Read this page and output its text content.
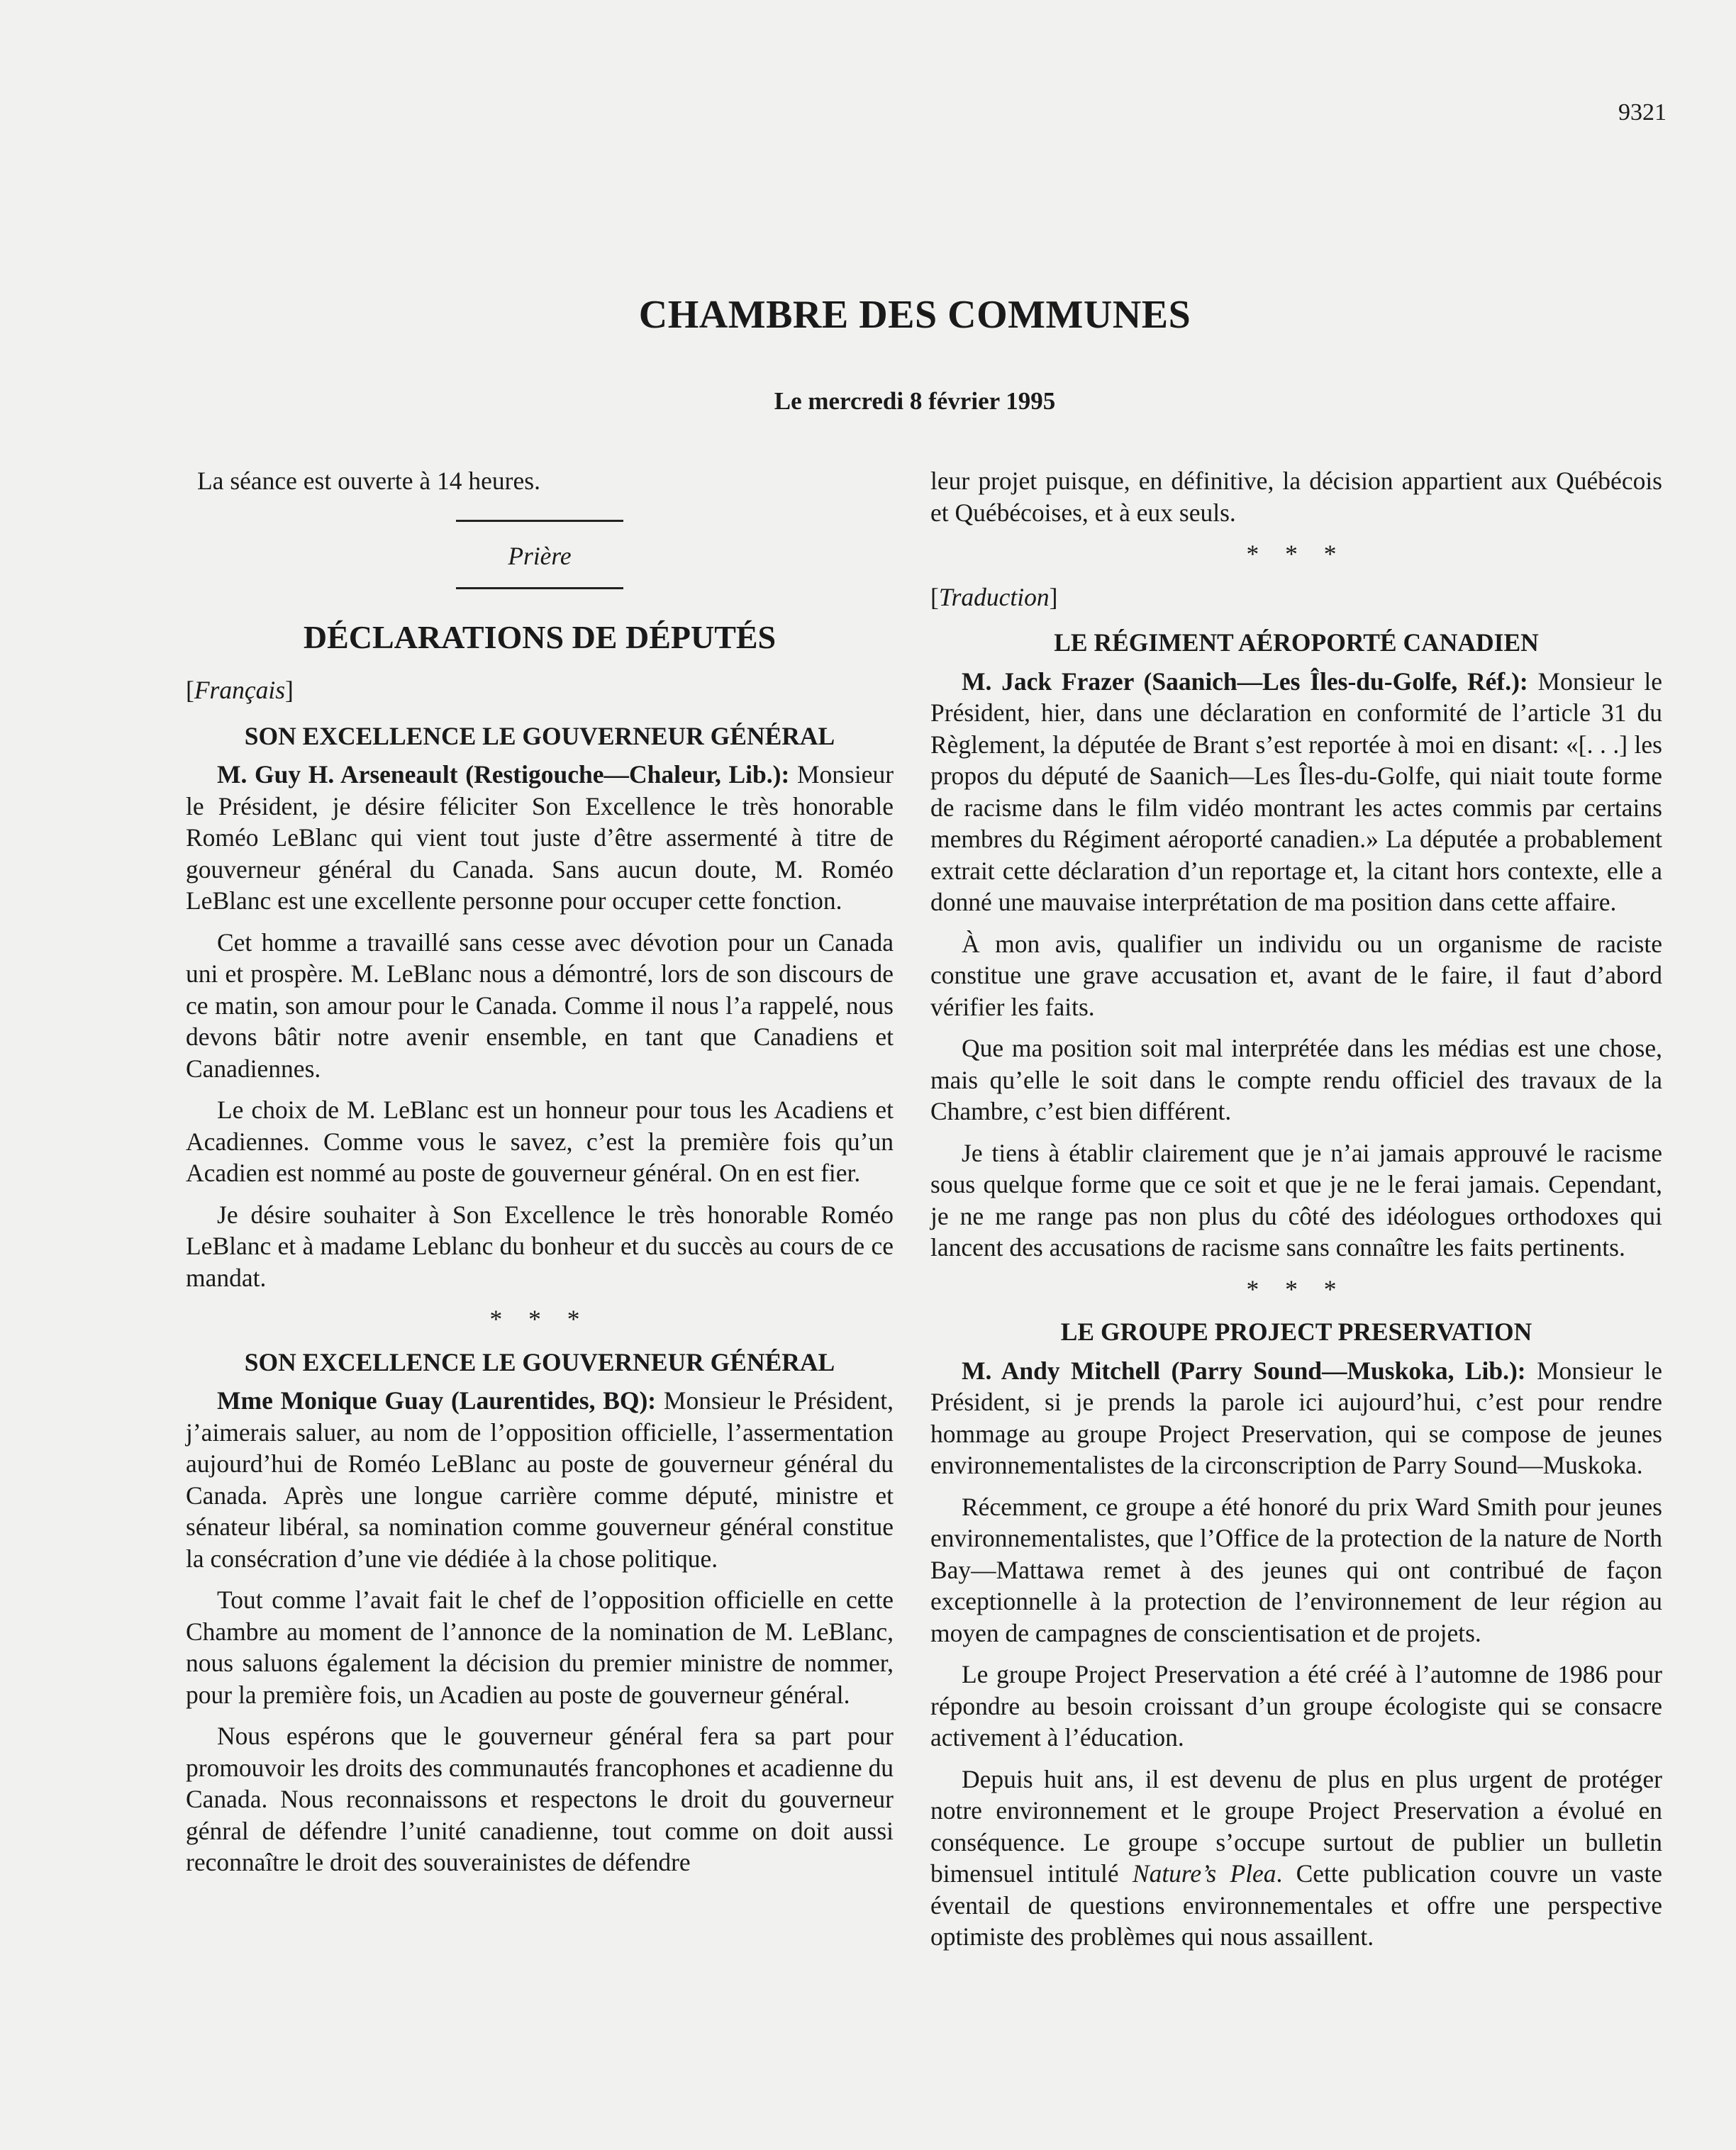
9321
CHAMBRE DES COMMUNES
Le mercredi 8 février 1995

La séance est ouverte à 14 heures.

Prière
DÉCLARATIONS DE DÉPUTÉS
[Français]
SON EXCELLENCE LE GOUVERNEUR GÉNÉRAL

M. Guy H. Arseneault (Restigouche—Chaleur, Lib.): Monsieur le Président, je désire féliciter Son Excellence le très honorable Roméo LeBlanc qui vient tout juste d’être assermenté à titre de gouverneur général du Canada. Sans aucun doute, M. Roméo LeBlanc est une excellente personne pour occuper cette fonction.

Cet homme a travaillé sans cesse avec dévotion pour un Canada uni et prospère. M. LeBlanc nous a démontré, lors de son discours de ce matin, son amour pour le Canada. Comme il nous l’a rappelé, nous devons bâtir notre avenir ensemble, en tant que Canadiens et Canadiennes.

Le choix de M. LeBlanc est un honneur pour tous les Acadiens et Acadiennes. Comme vous le savez, c’est la première fois qu’un Acadien est nommé au poste de gouverneur général. On en est fier.

Je désire souhaiter à Son Excellence le très honorable Roméo LeBlanc et à madame Leblanc du bonheur et du succès au cours de ce mandat.

* * *
SON EXCELLENCE LE GOUVERNEUR GÉNÉRAL

Mme Monique Guay (Laurentides, BQ): Monsieur le Président, j’aimerais saluer, au nom de l’opposition officielle, l’assermentation aujourd’hui de Roméo LeBlanc au poste de gouverneur général du Canada. Après une longue carrière comme député, ministre et sénateur libéral, sa nomination comme gouverneur général constitue la consécration d’une vie dédiée à la chose politique.

Tout comme l’avait fait le chef de l’opposition officielle en cette Chambre au moment de l’annonce de la nomination de M. LeBlanc, nous saluons également la décision du premier ministre de nommer, pour la première fois, un Acadien au poste de gouverneur général.

Nous espérons que le gouverneur général fera sa part pour promouvoir les droits des communautés francophones et acadienne du Canada. Nous reconnaissons et respectons le droit du gouverneur génral de défendre l’unité canadienne, tout comme on doit aussi reconnaître le droit des souverainistes de défendre

leur projet puisque, en définitive, la décision appartient aux Québécois et Québécoises, et à eux seuls.

* * *
[Traduction]
LE RÉGIMENT AÉROPORTÉ CANADIEN

M. Jack Frazer (Saanich—Les Îles-du-Golfe, Réf.): Monsieur le Président, hier, dans une déclaration en conformité de l’article 31 du Règlement, la députée de Brant s’est reportée à moi en disant: «[. . .] les propos du député de Saanich—Les Îles-du-Golfe, qui niait toute forme de racisme dans le film vidéo montrant les actes commis par certains membres du Régiment aéroporté canadien.» La députée a probablement extrait cette déclaration d’un reportage et, la citant hors contexte, elle a donné une mauvaise interprétation de ma position dans cette affaire.

À mon avis, qualifier un individu ou un organisme de raciste constitue une grave accusation et, avant de le faire, il faut d’abord vérifier les faits.

Que ma position soit mal interprétée dans les médias est une chose, mais qu’elle le soit dans le compte rendu officiel des travaux de la Chambre, c’est bien différent.

Je tiens à établir clairement que je n’ai jamais approuvé le racisme sous quelque forme que ce soit et que je ne le ferai jamais. Cependant, je ne me range pas non plus du côté des idéologues orthodoxes qui lancent des accusations de racisme sans connaître les faits pertinents.

* * *
LE GROUPE PROJECT PRESERVATION

M. Andy Mitchell (Parry Sound—Muskoka, Lib.): Monsieur le Président, si je prends la parole ici aujourd’hui, c’est pour rendre hommage au groupe Project Preservation, qui se compose de jeunes environnementalistes de la circonscription de Parry Sound—Muskoka.

Récemment, ce groupe a été honoré du prix Ward Smith pour jeunes environnementalistes, que l’Office de la protection de la nature de North Bay—Mattawa remet à des jeunes qui ont contribué de façon exceptionnelle à la protection de l’environnement de leur région au moyen de campagnes de conscientisation et de projets.

Le groupe Project Preservation a été créé à l’automne de 1986 pour répondre au besoin croissant d’un groupe écologiste qui se consacre activement à l’éducation.

Depuis huit ans, il est devenu de plus en plus urgent de protéger notre environnement et le groupe Project Preservation a évolué en conséquence. Le groupe s’occupe surtout de publier un bulletin bimensuel intitulé Nature’s Plea. Cette publication couvre un vaste éventail de questions environnementales et offre une perspective optimiste des problèmes qui nous assaillent.
